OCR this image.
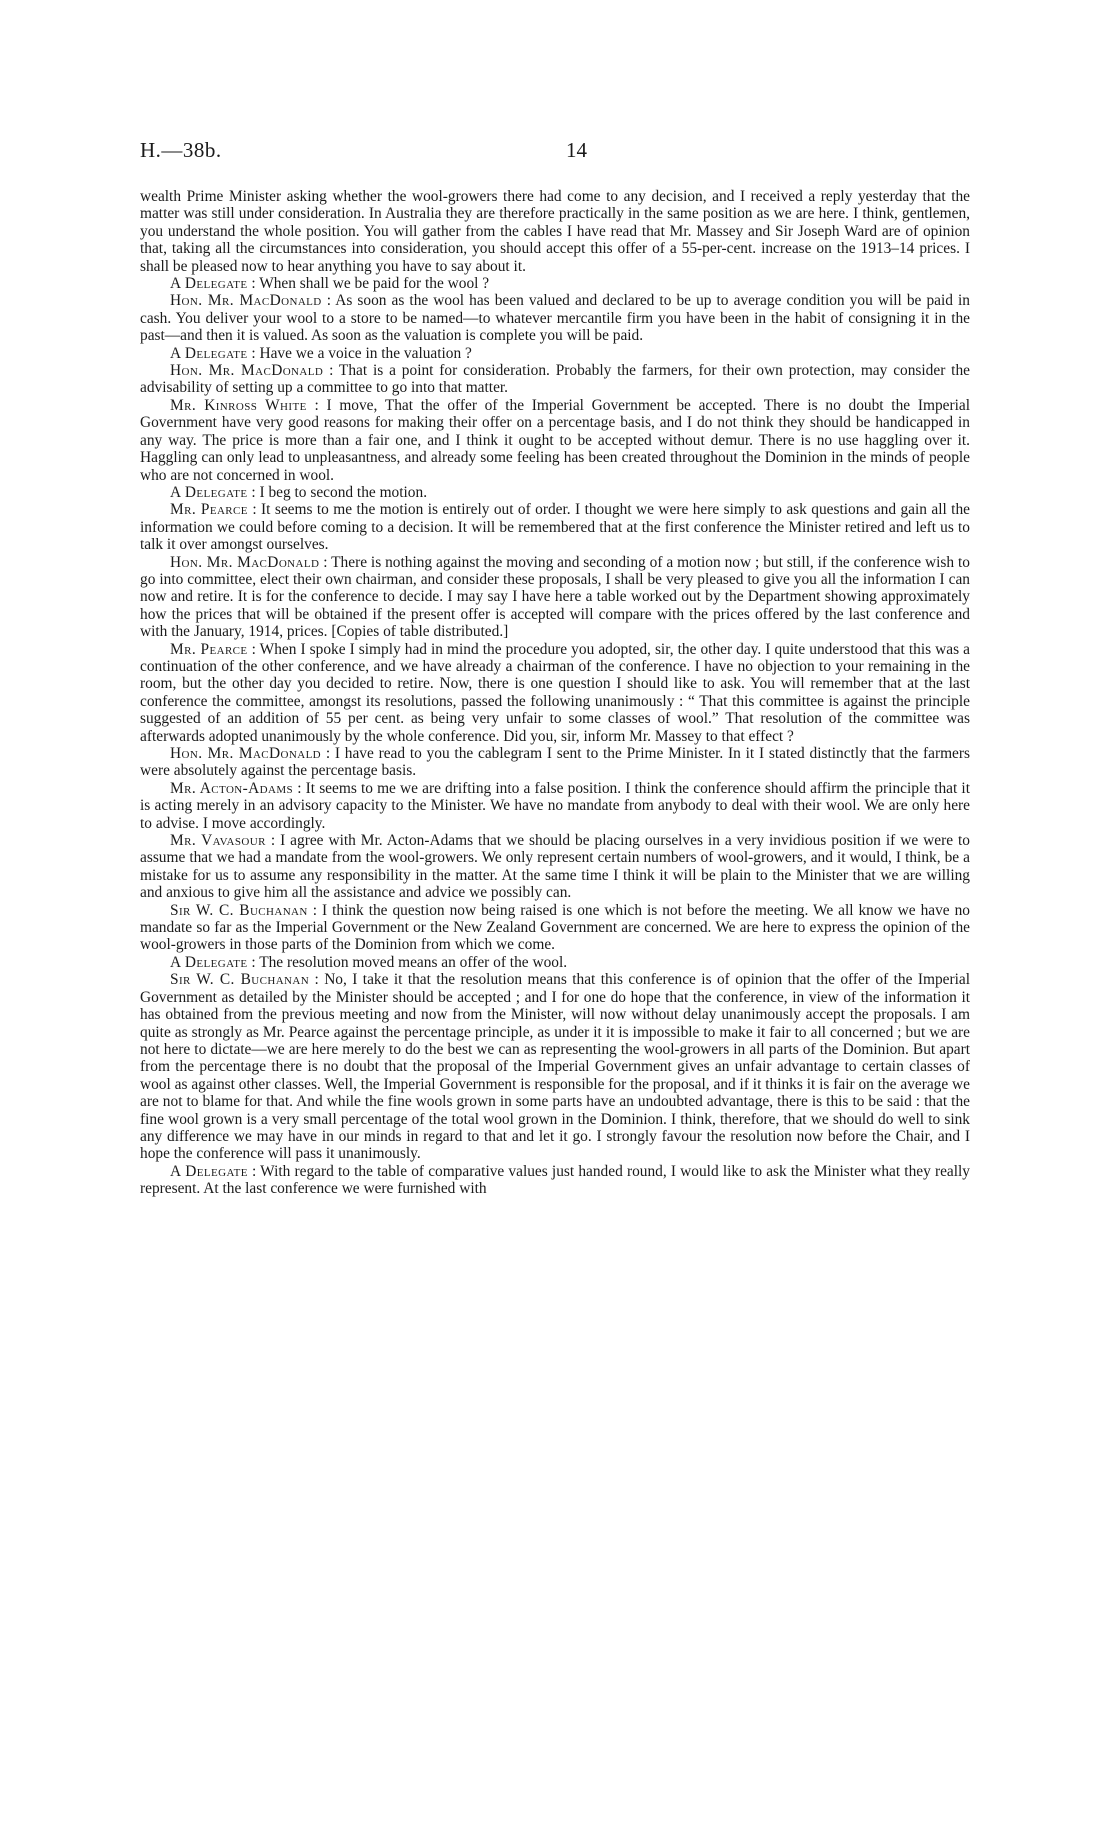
H.—38b.	14

wealth Prime Minister asking whether the wool-growers there had come to any decision, and I received a reply yesterday that the matter was still under consideration. In Australia they are therefore practically in the same position as we are here. I think, gentlemen, you understand the whole position. You will gather from the cables I have read that Mr. Massey and Sir Joseph Ward are of opinion that, taking all the circumstances into consideration, you should accept this offer of a 55-per-cent. increase on the 1913–14 prices. I shall be pleased now to hear anything you have to say about it.

A Delegate : When shall we be paid for the wool ?

Hon. Mr. MacDonald : As soon as the wool has been valued and declared to be up to average condition you will be paid in cash. You deliver your wool to a store to be named—to whatever mercantile firm you have been in the habit of consigning it in the past—and then it is valued. As soon as the valuation is complete you will be paid.

A Delegate : Have we a voice in the valuation ?

Hon. Mr. MacDonald : That is a point for consideration. Probably the farmers, for their own protection, may consider the advisability of setting up a committee to go into that matter.

Mr. Kinross White : I move, That the offer of the Imperial Government be accepted. There is no doubt the Imperial Government have very good reasons for making their offer on a percentage basis, and I do not think they should be handicapped in any way. The price is more than a fair one, and I think it ought to be accepted without demur. There is no use haggling over it. Haggling can only lead to unpleasantness, and already some feeling has been created throughout the Dominion in the minds of people who are not concerned in wool.

A Delegate : I beg to second the motion.

Mr. Pearce : It seems to me the motion is entirely out of order. I thought we were here simply to ask questions and gain all the information we could before coming to a decision. It will be remembered that at the first conference the Minister retired and left us to talk it over amongst ourselves.

Hon. Mr. MacDonald : There is nothing against the moving and seconding of a motion now ; but still, if the conference wish to go into committee, elect their own chairman, and consider these proposals, I shall be very pleased to give you all the information I can now and retire. It is for the conference to decide. I may say I have here a table worked out by the Department showing approximately how the prices that will be obtained if the present offer is accepted will compare with the prices offered by the last conference and with the January, 1914, prices. [Copies of table distributed.]

Mr. Pearce : When I spoke I simply had in mind the procedure you adopted, sir, the other day. I quite understood that this was a continuation of the other conference, and we have already a chairman of the conference. I have no objection to your remaining in the room, but the other day you decided to retire. Now, there is one question I should like to ask. You will remember that at the last conference the committee, amongst its resolutions, passed the following unanimously : “ That this committee is against the principle suggested of an addition of 55 per cent. as being very unfair to some classes of wool.” That resolution of the committee was afterwards adopted unanimously by the whole conference. Did you, sir, inform Mr. Massey to that effect ?

Hon. Mr. MacDonald : I have read to you the cablegram I sent to the Prime Minister. In it I stated distinctly that the farmers were absolutely against the percentage basis.

Mr. Acton-Adams : It seems to me we are drifting into a false position. I think the conference should affirm the principle that it is acting merely in an advisory capacity to the Minister. We have no mandate from anybody to deal with their wool. We are only here to advise. I move accordingly.

Mr. Vavasour : I agree with Mr. Acton-Adams that we should be placing ourselves in a very invidious position if we were to assume that we had a mandate from the wool-growers. We only represent certain numbers of wool-growers, and it would, I think, be a mistake for us to assume any responsibility in the matter. At the same time I think it will be plain to the Minister that we are willing and anxious to give him all the assistance and advice we possibly can.

Sir W. C. Buchanan : I think the question now being raised is one which is not before the meeting. We all know we have no mandate so far as the Imperial Government or the New Zealand Government are concerned. We are here to express the opinion of the wool-growers in those parts of the Dominion from which we come.

A Delegate : The resolution moved means an offer of the wool.

Sir W. C. Buchanan : No, I take it that the resolution means that this conference is of opinion that the offer of the Imperial Government as detailed by the Minister should be accepted ; and I for one do hope that the conference, in view of the information it has obtained from the previous meeting and now from the Minister, will now without delay unanimously accept the proposals. I am quite as strongly as Mr. Pearce against the percentage principle, as under it it is impossible to make it fair to all concerned ; but we are not here to dictate—we are here merely to do the best we can as representing the wool-growers in all parts of the Dominion. But apart from the percentage there is no doubt that the proposal of the Imperial Government gives an unfair advantage to certain classes of wool as against other classes. Well, the Imperial Government is responsible for the proposal, and if it thinks it is fair on the average we are not to blame for that. And while the fine wools grown in some parts have an undoubted advantage, there is this to be said : that the fine wool grown is a very small percentage of the total wool grown in the Dominion. I think, therefore, that we should do well to sink any difference we may have in our minds in regard to that and let it go. I strongly favour the resolution now before the Chair, and I hope the conference will pass it unanimously.

A Delegate : With regard to the table of comparative values just handed round, I would like to ask the Minister what they really represent. At the last conference we were furnished with
